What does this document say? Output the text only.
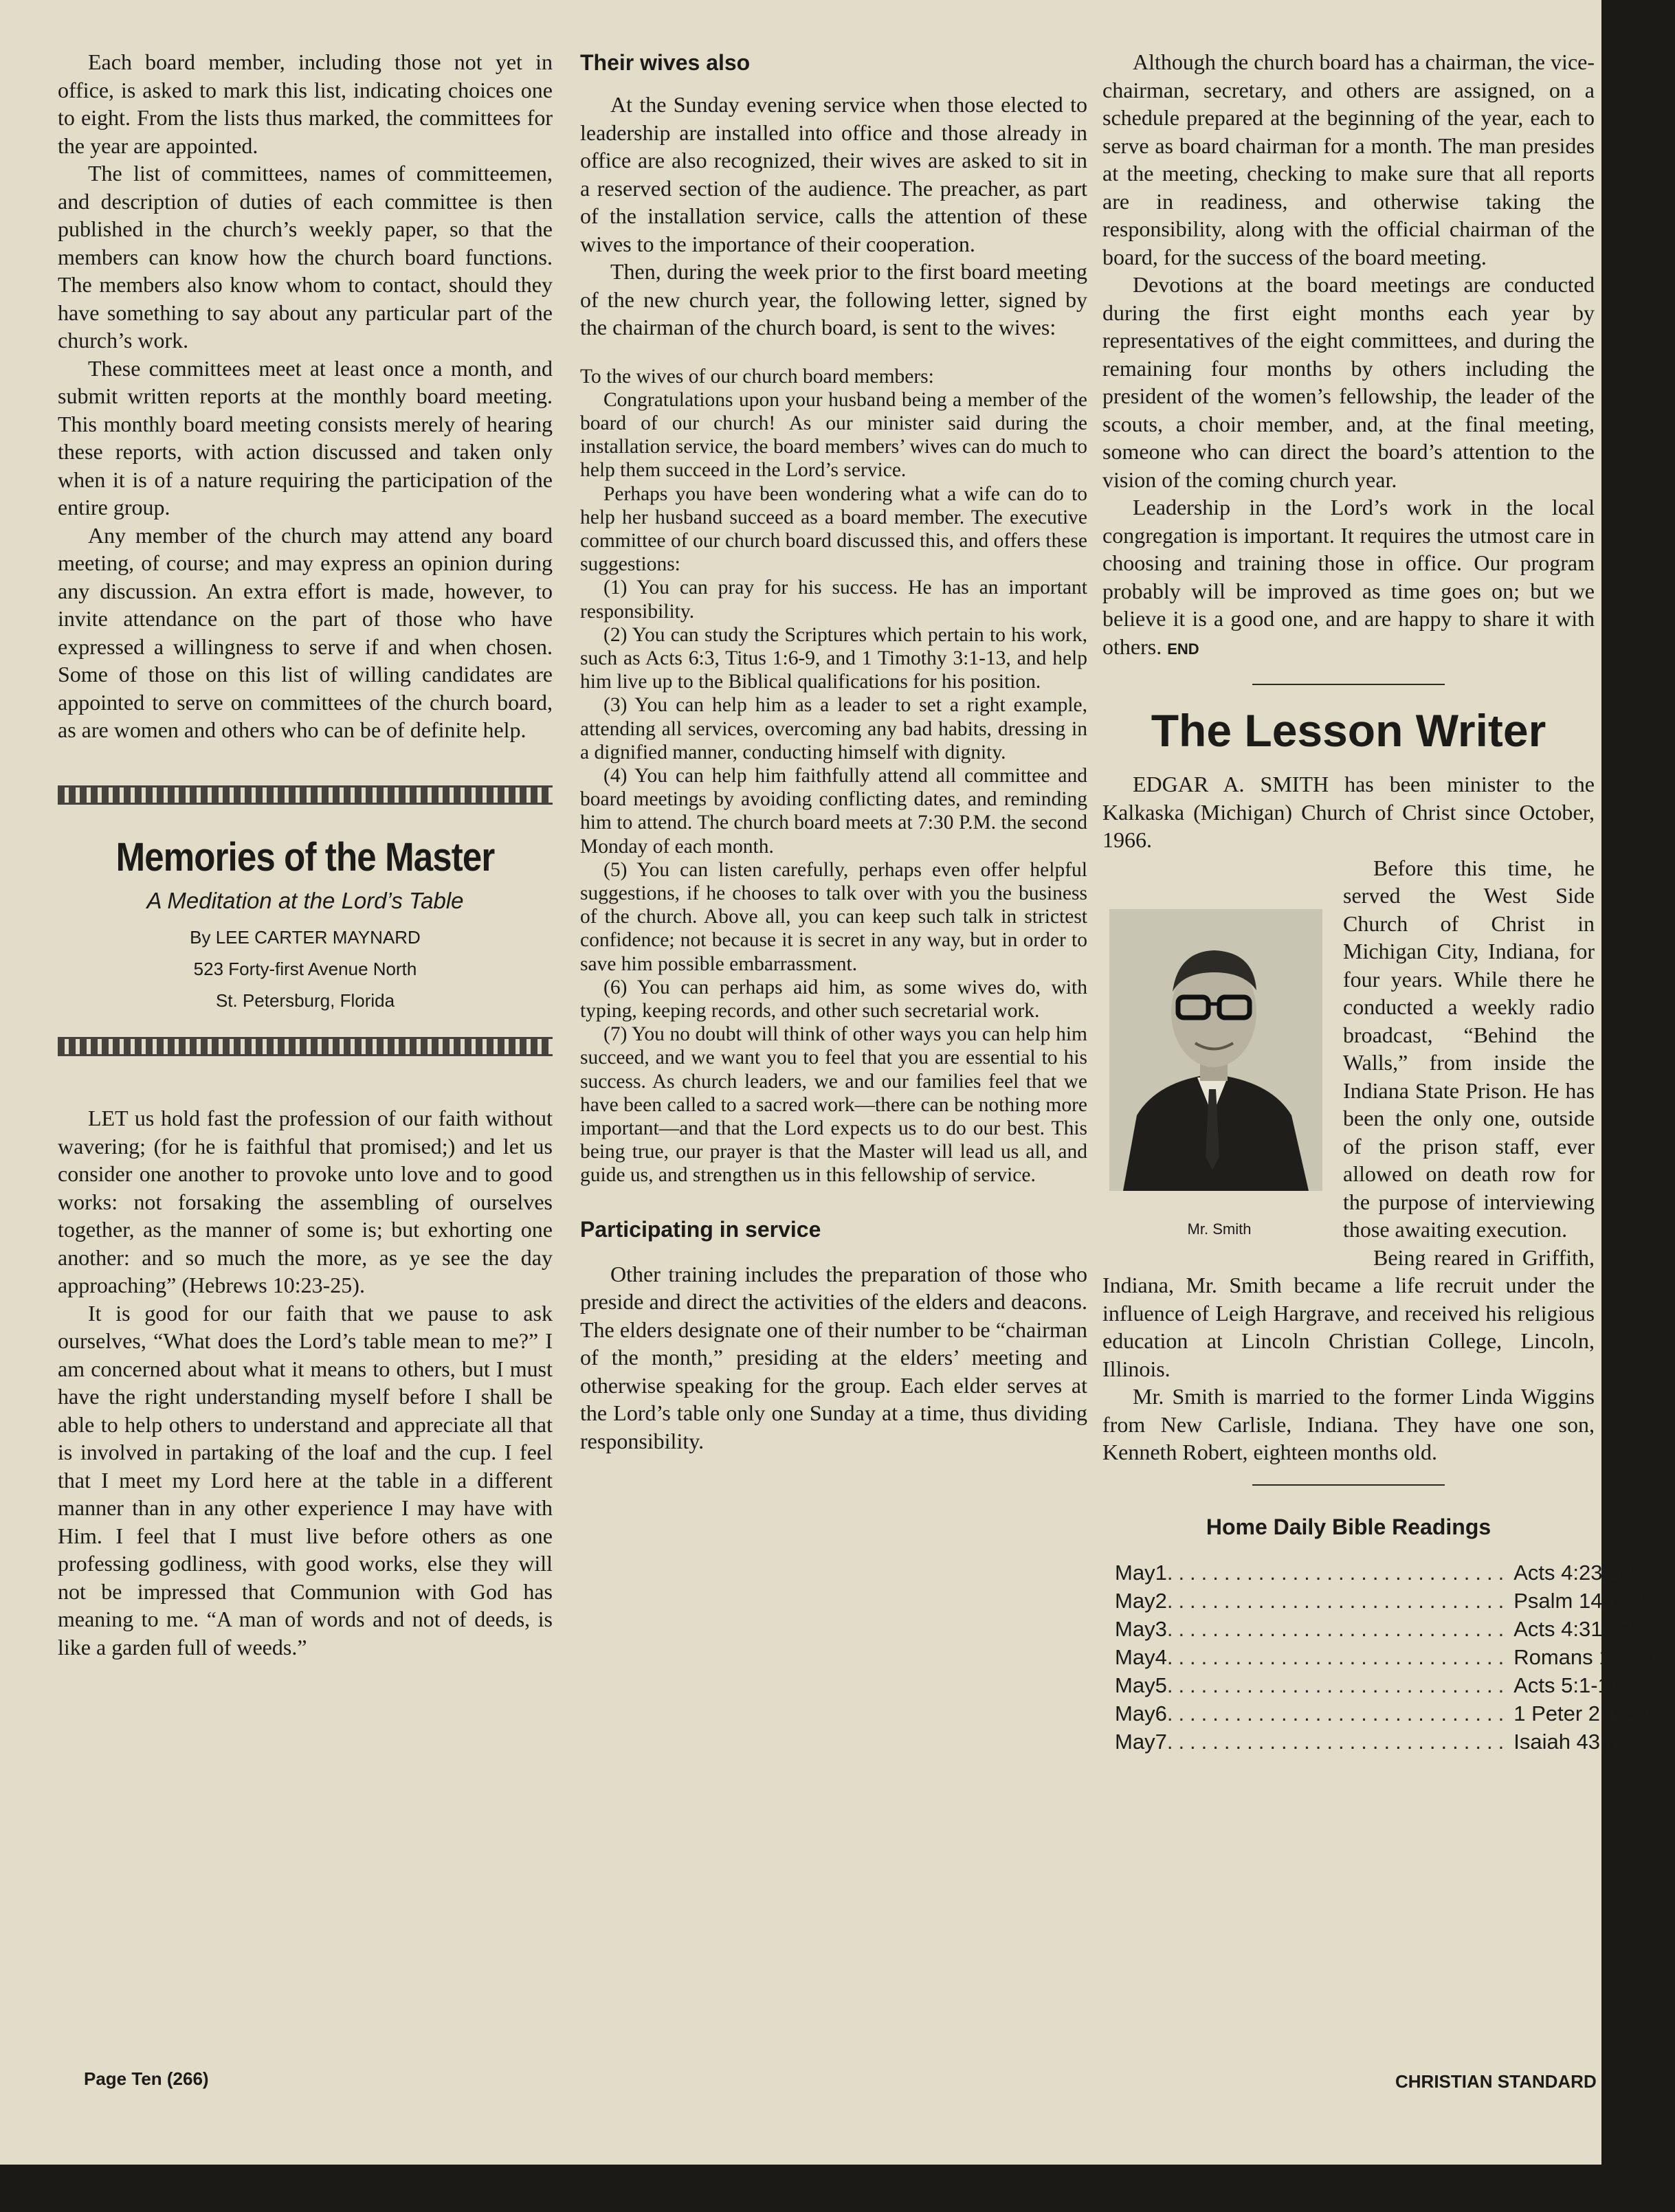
Each board member, including those not yet in office, is asked to mark this list, indicating choices one to eight. From the lists thus marked, the committees for the year are appointed.

The list of committees, names of committeemen, and description of duties of each committee is then published in the church’s weekly paper, so that the members can know how the church board functions. The members also know whom to contact, should they have something to say about any particular part of the church’s work.

These committees meet at least once a month, and submit written reports at the monthly board meeting. This monthly board meeting consists merely of hearing these reports, with action discussed and taken only when it is of a nature requiring the participation of the entire group.

Any member of the church may attend any board meeting, of course; and may express an opinion during any discussion. An extra effort is made, however, to invite attendance on the part of those who have expressed a willingness to serve if and when chosen. Some of those on this list of willing candidates are appointed to serve on committees of the church board, as are women and others who can be of definite help.

Memories of the Master
A Meditation at the Lord’s Table
By LEE CARTER MAYNARD
523 Forty-first Avenue North
St. Petersburg, Florida

LET us hold fast the profession of our faith without wavering; (for he is faithful that promised;) and let us consider one another to provoke unto love and to good works: not forsaking the assembling of ourselves together, as the manner of some is; but exhorting one another: and so much the more, as ye see the day approaching” (Hebrews 10:23-25).

It is good for our faith that we pause to ask ourselves, “What does the Lord’s table mean to me?” I am concerned about what it means to others, but I must have the right understanding myself before I shall be able to help others to understand and appreciate all that is involved in partaking of the loaf and the cup. I feel that I meet my Lord here at the table in a different manner than in any other experience I may have with Him. I feel that I must live before others as one professing godliness, with good works, else they will not be impressed that Communion with God has meaning to me. “A man of words and not of deeds, is like a garden full of weeds.”

Their wives also

At the Sunday evening service when those elected to leadership are installed into office and those already in office are also recognized, their wives are asked to sit in a reserved section of the audience. The preacher, as part of the installation service, calls the attention of these wives to the importance of their cooperation.

Then, during the week prior to the first board meeting of the new church year, the following letter, signed by the chairman of the church board, is sent to the wives:

To the wives of our church board members:

Congratulations upon your husband being a member of the board of our church! As our minister said during the installation service, the board members’ wives can do much to help them succeed in the Lord’s service.

Perhaps you have been wondering what a wife can do to help her husband succeed as a board member. The executive committee of our church board discussed this, and offers these suggestions:

(1) You can pray for his success. He has an important responsibility.

(2) You can study the Scriptures which pertain to his work, such as Acts 6:3, Titus 1:6-9, and 1 Timothy 3:1-13, and help him live up to the Biblical qualifications for his position.

(3) You can help him as a leader to set a right example, attending all services, overcoming any bad habits, dressing in a dignified manner, conducting himself with dignity.

(4) You can help him faithfully attend all committee and board meetings by avoiding conflicting dates, and reminding him to attend. The church board meets at 7:30 P.M. the second Monday of each month.

(5) You can listen carefully, perhaps even offer helpful suggestions, if he chooses to talk over with you the business of the church. Above all, you can keep such talk in strictest confidence; not because it is secret in any way, but in order to save him possible embarrassment.

(6) You can perhaps aid him, as some wives do, with typing, keeping records, and other such secretarial work.

(7) You no doubt will think of other ways you can help him succeed, and we want you to feel that you are essential to his success. As church leaders, we and our families feel that we have been called to a sacred work—there can be nothing more important—and that the Lord expects us to do our best. This being true, our prayer is that the Master will lead us all, and guide us, and strengthen us in this fellowship of service.

Participating in service

Other training includes the preparation of those who preside and direct the activities of the elders and deacons. The elders designate one of their number to be “chairman of the month,” presiding at the elders’ meeting and otherwise speaking for the group. Each elder serves at the Lord’s table only one Sunday at a time, thus dividing responsibility.

Although the church board has a chairman, the vice-chairman, secretary, and others are assigned, on a schedule prepared at the beginning of the year, each to serve as board chairman for a month. The man presides at the meeting, checking to make sure that all reports are in readiness, and otherwise taking the responsibility, along with the official chairman of the board, for the success of the board meeting.

Devotions at the board meetings are conducted during the first eight months each year by representatives of the eight committees, and during the remaining four months by others including the president of the women’s fellowship, the leader of the scouts, a choir member, and, at the final meeting, someone who can direct the board’s attention to the vision of the coming church year.

Leadership in the Lord’s work in the local congregation is important. It requires the utmost care in choosing and training those in office. Our program probably will be improved as time goes on; but we believe it is a good one, and are happy to share it with others. END

The Lesson Writer

EDGAR A. SMITH has been minister to the Kalkaska (Michigan) Church of Christ since October, 1966.

Mr. Smith

Before this time, he served the West Side Church of Christ in Michigan City, Indiana, for four years. While there he conducted a weekly radio broadcast, “Behind the Walls,” from inside the Indiana State Prison. He has been the only one, outside of the prison staff, ever allowed on death row for the purpose of interviewing those awaiting execution.

Being reared in Griffith, Indiana, Mr. Smith became a life recruit under the influence of Leigh Hargrave, and received his religious education at Lincoln Christian College, Lincoln, Illinois.

Mr. Smith is married to the former Linda Wiggins from New Carlisle, Indiana. They have one son, Kenneth Robert, eighteen months old.

Home Daily Bible Readings
May 1 .............................. Acts 4:23-30
May 2 .............................. Psalm 145:13-21
May 3 .............................. Acts 4:31-37
May 4 .............................. Romans 12:3-13
May 5 .............................. Acts 5:1-11
May 6 .............................. 1 Peter 2:1-10
May 7 .............................. Isaiah 43:8-12
Page Ten (266)	CHRISTIAN STANDARD
